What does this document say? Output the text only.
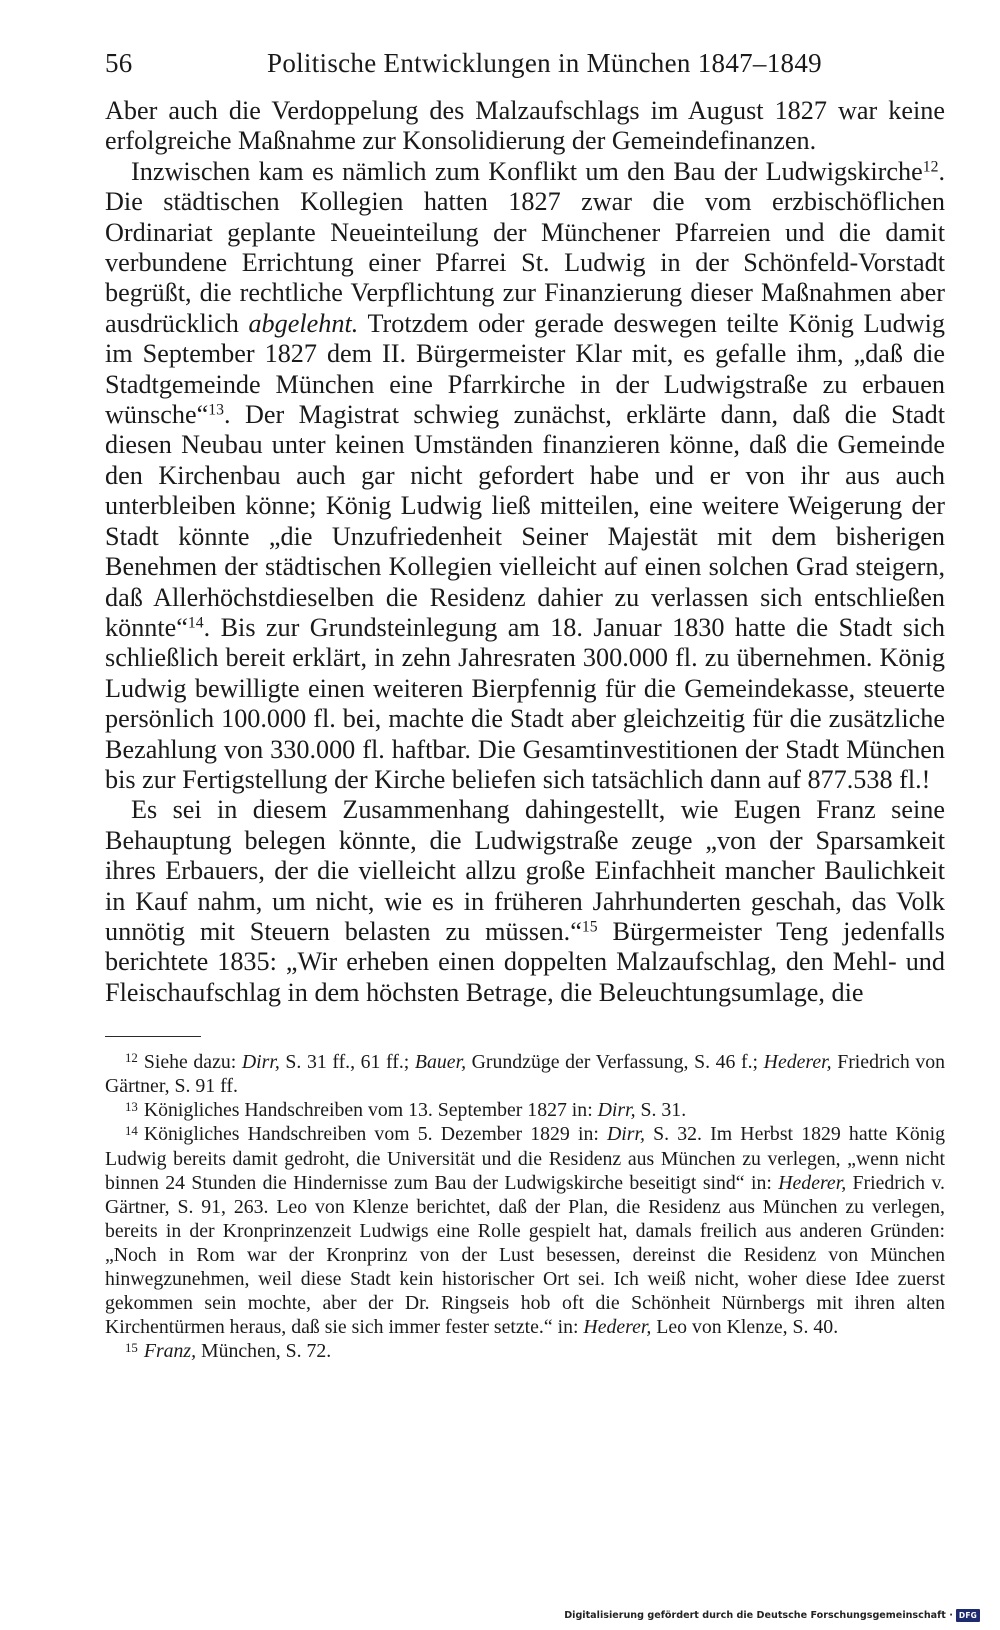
56	Politische Entwicklungen in München 1847–1849

Aber auch die Verdoppelung des Malzaufschlags im August 1827 war keine erfolgreiche Maßnahme zur Konsolidierung der Gemeindefinanzen.

Inzwischen kam es nämlich zum Konflikt um den Bau der Ludwigskirche$^{12}$. Die städtischen Kollegien hatten 1827 zwar die vom erzbischöflichen Ordinariat geplante Neueinteilung der Münchener Pfarreien und die damit verbundene Errichtung einer Pfarrei St. Ludwig in der Schönfeld-Vorstadt begrüßt, die rechtliche Verpflichtung zur Finanzierung dieser Maßnahmen aber ausdrücklich abgelehnt. Trotzdem oder gerade deswegen teilte König Ludwig im September 1827 dem II. Bürgermeister Klar mit, es gefalle ihm, „daß die Stadtgemeinde München eine Pfarrkirche in der Ludwigstraße zu erbauen wünsche“$^{13}$. Der Magistrat schwieg zunächst, erklärte dann, daß die Stadt diesen Neubau unter keinen Umständen finanzieren könne, daß die Gemeinde den Kirchenbau auch gar nicht gefordert habe und er von ihr aus auch unterbleiben könne; König Ludwig ließ mitteilen, eine weitere Weigerung der Stadt könnte „die Unzufriedenheit Seiner Majestät mit dem bisherigen Benehmen der städtischen Kollegien vielleicht auf einen solchen Grad steigern, daß Allerhöchstdieselben die Residenz dahier zu verlassen sich entschließen könnte“$^{14}$. Bis zur Grundsteinlegung am 18. Januar 1830 hatte die Stadt sich schließlich bereit erklärt, in zehn Jahresraten 300.000 fl. zu übernehmen. König Ludwig bewilligte einen weiteren Bierpfennig für die Gemeindekasse, steuerte persönlich 100.000 fl. bei, machte die Stadt aber gleichzeitig für die zusätzliche Bezahlung von 330.000 fl. haftbar. Die Gesamtinvestitionen der Stadt München bis zur Fertigstellung der Kirche beliefen sich tatsächlich dann auf 877.538 fl.!

Es sei in diesem Zusammenhang dahingestellt, wie Eugen Franz seine Behauptung belegen könnte, die Ludwigstraße zeuge „von der Sparsamkeit ihres Erbauers, der die vielleicht allzu große Einfachheit mancher Baulichkeit in Kauf nahm, um nicht, wie es in früheren Jahrhunderten geschah, das Volk unnötig mit Steuern belasten zu müssen.“$^{15}$ Bürgermeister Teng jedenfalls berichtete 1835: „Wir erheben einen doppelten Malzaufschlag, den Mehl- und Fleischaufschlag in dem höchsten Betrage, die Beleuchtungsumlage, die

$^{12}$ Siehe dazu: Dirr, S. 31 ff., 61 ff.; Bauer, Grundzüge der Verfassung, S. 46 f.; Hederer, Friedrich von Gärtner, S. 91 ff.

$^{13}$ Königliches Handschreiben vom 13. September 1827 in: Dirr, S. 31.

$^{14}$ Königliches Handschreiben vom 5. Dezember 1829 in: Dirr, S. 32. Im Herbst 1829 hatte König Ludwig bereits damit gedroht, die Universität und die Residenz aus München zu verlegen, „wenn nicht binnen 24 Stunden die Hindernisse zum Bau der Ludwigskirche beseitigt sind“ in: Hederer, Friedrich v. Gärtner, S. 91, 263. Leo von Klenze berichtet, daß der Plan, die Residenz aus München zu verlegen, bereits in der Kronprinzenzeit Ludwigs eine Rolle gespielt hat, damals freilich aus anderen Gründen: „Noch in Rom war der Kronprinz von der Lust besessen, dereinst die Residenz von München hinwegzunehmen, weil diese Stadt kein historischer Ort sei. Ich weiß nicht, woher diese Idee zuerst gekommen sein mochte, aber der Dr. Ringseis hob oft die Schönheit Nürnbergs mit ihren alten Kirchentürmen heraus, daß sie sich immer fester setzte.“ in: Hederer, Leo von Klenze, S. 40.

$^{15}$ Franz, München, S. 72.

Digitalisierung gefördert durch die Deutsche Forschungsgemeinschaft · DFG
